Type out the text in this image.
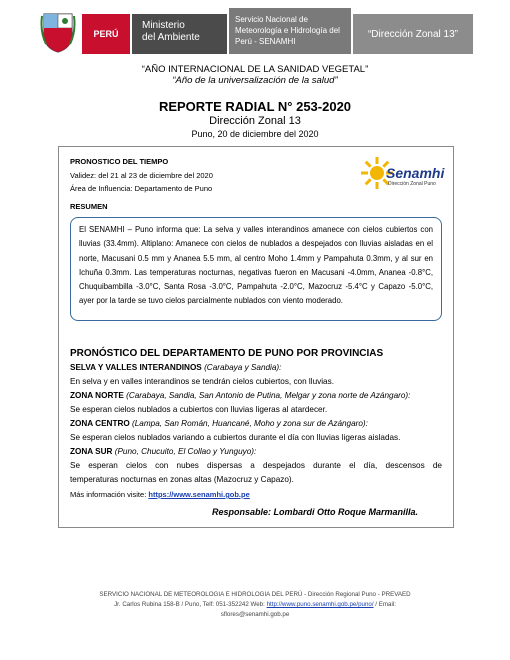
PERÚ
Ministerio
del Ambiente
Servicio Nacional de
Meteorología e Hidrología del
Perú - SENAMHI
“Dirección Zonal 13”
“AÑO INTERNACIONAL DE LA SANIDAD VEGETAL”
“Año de la universalización de la salud”
REPORTE RADIAL N° 253-2020
Dirección Zonal 13
Puno, 20 de diciembre del 2020
PRONOSTICO DEL TIEMPO
Validez: del 21 al 23 de diciembre del 2020
Área de Influencia: Departamento de Puno
RESUMEN
Senamhi
Dirección Zonal Puno
El SENAMHI – Puno informa que: La selva y valles interandinos amanece con cielos cubiertos con lluvias (33.4mm). Altiplano: Amanece con cielos de nublados a despejados con lluvias aisladas en el norte, Macusani 0.5 mm y Ananea 5.5 mm, al centro Moho 1.4mm y Pampahuta 0.3mm, y al sur en Ichuña 0.3mm. Las temperaturas nocturnas, negativas fueron en Macusani -4.0mm, Ananea -0.8°C, Chuquibambilla -3.0°C, Santa Rosa -3.0°C, Pampahuta -2.0°C, Mazocruz -5.4°C y Capazo -5.0°C, ayer por la tarde se tuvo cielos parcialmente nublados con viento moderado.
PRONÓSTICO DEL DEPARTAMENTO DE PUNO POR PROVINCIAS
SELVA Y VALLES INTERANDINOS (Carabaya y Sandia):
En selva y en valles interandinos se tendrán cielos cubiertos, con lluvias.
ZONA NORTE (Carabaya, Sandia, San Antonio de Putina, Melgar y zona norte de Azángaro):
Se esperan cielos nublados a cubiertos con lluvias ligeras al atardecer.
ZONA CENTRO (Lampa, San Román, Huancané, Moho y zona sur de Azángaro):
Se esperan cielos nublados variando a cubiertos durante el día con lluvias ligeras aisladas.
ZONA SUR (Puno, Chucuito, El Collao y Yunguyo):
Se esperan cielos con nubes dispersas a despejados durante el día, descensos de
temperaturas nocturnas en zonas altas (Mazocruz y Capazo).
Más información visite: https://www.senamhi.gob.pe
Responsable: Lombardi Otto Roque Marmanilla.
SERVICIO NACIONAL DE METEOROLOGIA E HIDROLOGIA DEL PERÚ - Dirección Regional Puno - PREVAED
Jr. Carlos Rubina 158-B / Puno, Telf: 051-352242 Web: http://www.puno.senamhi.gob.pe/puno/ / Email:
sflores@senamhi.gob.pe
